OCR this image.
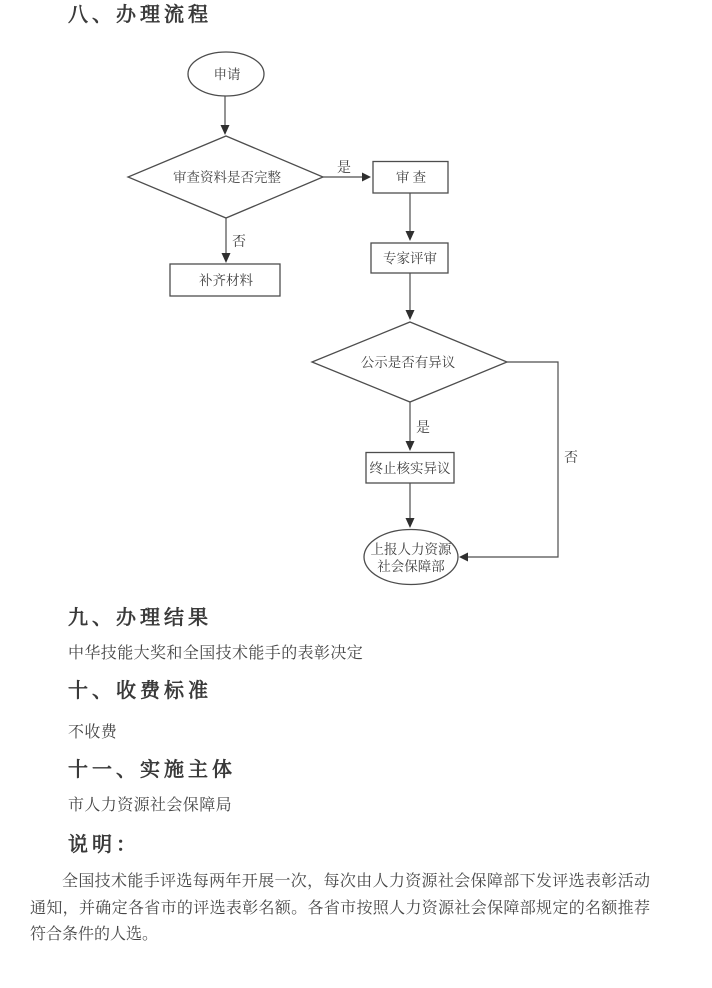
八、办理流程
申请
审查资料是否完整
是
否
审 查
补齐材料
专家评审
公示是否有异议
是
否
终止核实异议
上报人力资源
社会保障部
九、办理结果

中华技能大奖和全国技术能手的表彰决定

十、收费标准

不收费

十一、实施主体

市人力资源社会保障局

说明：

全国技术能手评选每两年开展一次，每次由人力资源社会保障部下发评选表彰活动通知，并确定各省市的评选表彰名额。各省市按照人力资源社会保障部规定的名额推荐符合条件的人选。
